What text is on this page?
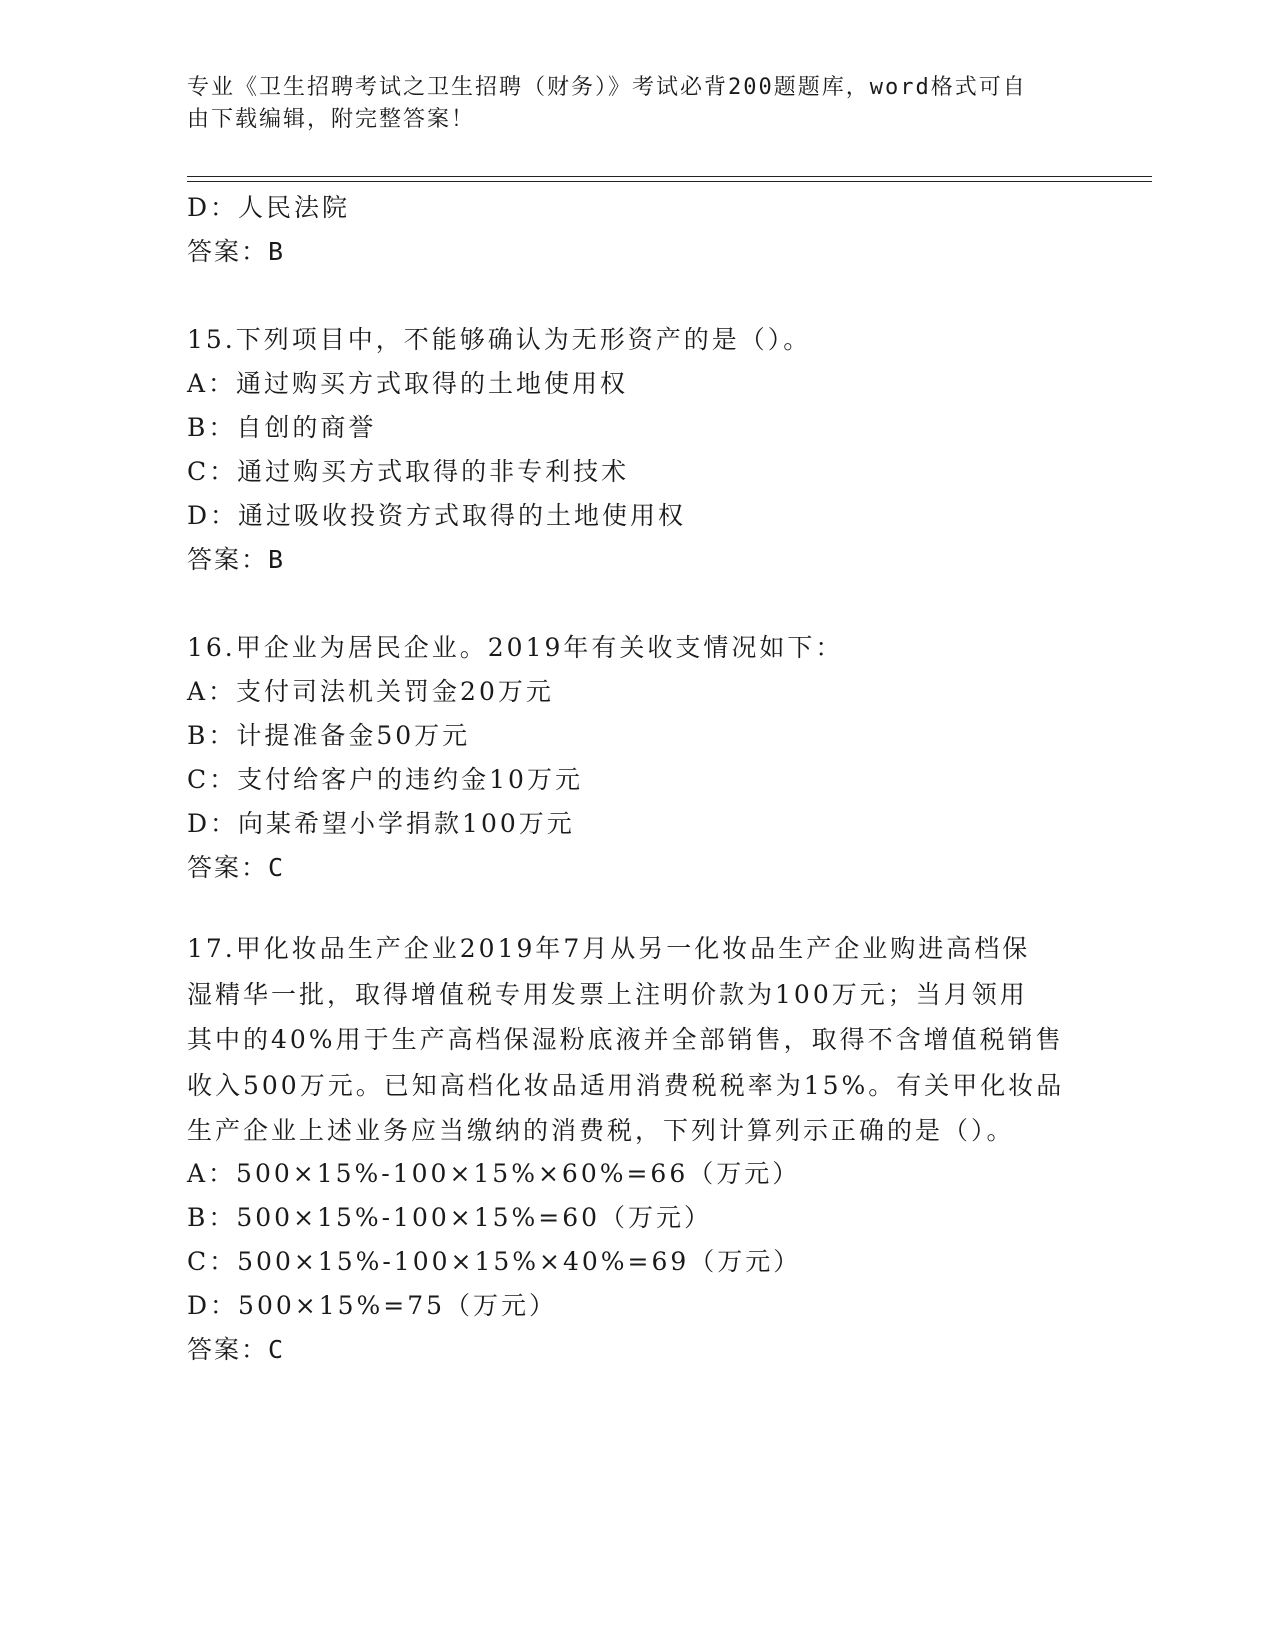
专业《卫生招聘考试之卫生招聘（财务）》考试必背200题题库，word格式可自
由下载编辑，附完整答案！
D：人民法院
答案：B
15.下列项目中，不能够确认为无形资产的是（）。
A：通过购买方式取得的土地使用权
B：自创的商誉
C：通过购买方式取得的非专利技术
D：通过吸收投资方式取得的土地使用权
答案：B
16.甲企业为居民企业。2019年有关收支情况如下：
A：支付司法机关罚金20万元
B：计提准备金50万元
C：支付给客户的违约金10万元
D：向某希望小学捐款100万元
答案：C
17.甲化妆品生产企业2019年7月从另一化妆品生产企业购进高档保
湿精华一批，取得增值税专用发票上注明价款为100万元；当月领用
其中的40%用于生产高档保湿粉底液并全部销售，取得不含增值税销售
收入500万元。已知高档化妆品适用消费税税率为15%。有关甲化妆品
生产企业上述业务应当缴纳的消费税，下列计算列示正确的是（）。
A：500×15%-100×15%×60%=66（万元）
B：500×15%-100×15%=60（万元）
C：500×15%-100×15%×40%=69（万元）
D：500×15%=75（万元）
答案：C
